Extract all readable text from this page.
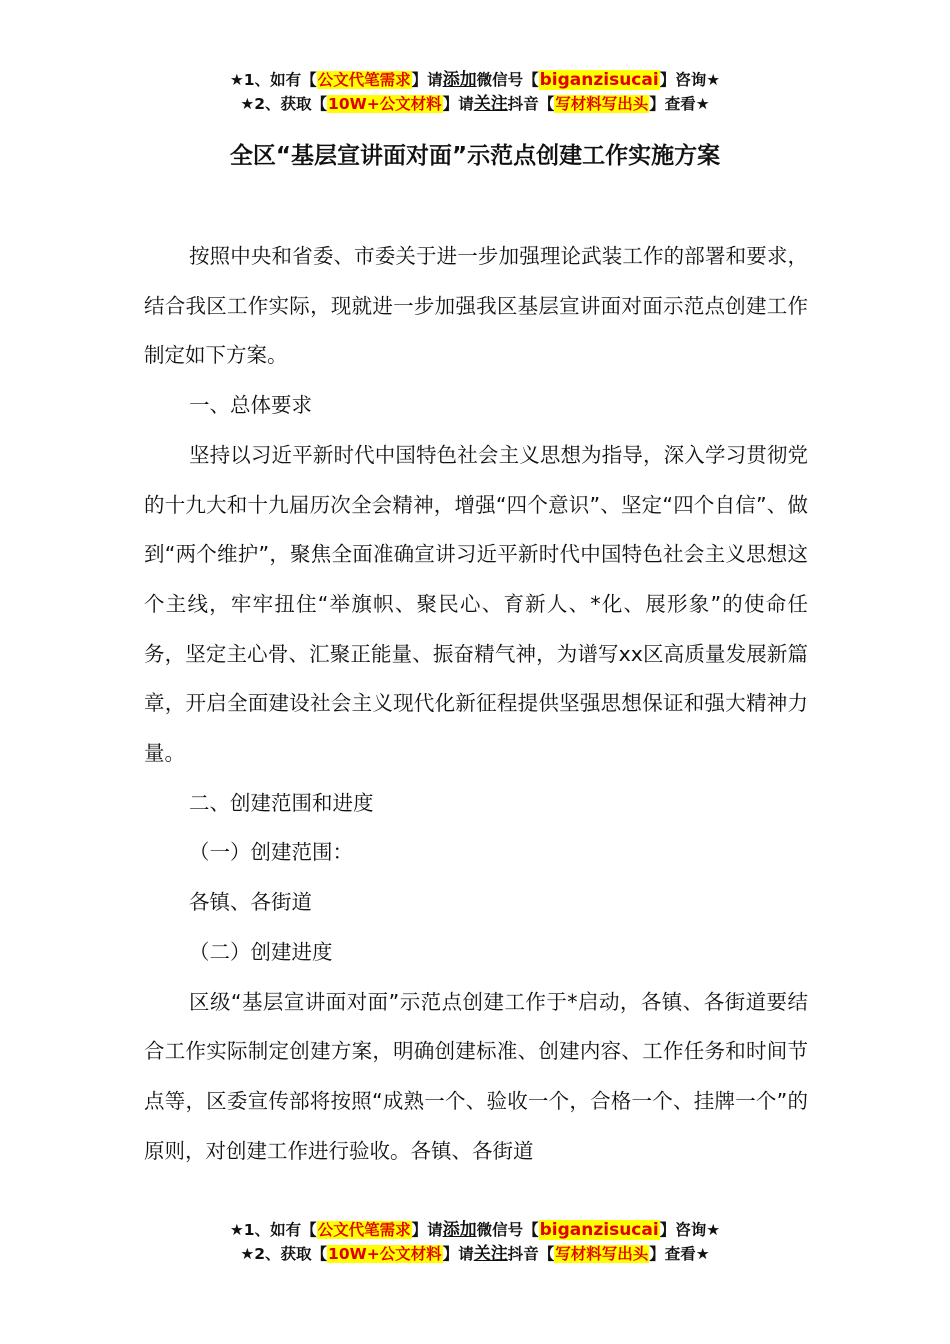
★1、如有【公文代笔需求】请添加微信号【biganzisucai】咨询★
★2、获取【10W+公文材料】请关注抖音【写材料写出头】查看★
全区“基层宣讲面对面”示范点创建工作实施方案

按照中央和省委、市委关于进一步加强理论武装工作的部署和要求，结合我区工作实际，现就进一步加强我区基层宣讲面对面示范点创建工作制定如下方案。

一、总体要求

坚持以习近平新时代中国特色社会主义思想为指导，深入学习贯彻党的十九大和十九届历次全会精神，增强“四个意识”、坚定“四个自信”、做到“两个维护”，聚焦全面准确宣讲习近平新时代中国特色社会主义思想这个主线，牢牢扭住“举旗帜、聚民心、育新人、*化、展形象”的使命任务，坚定主心骨、汇聚正能量、振奋精气神，为谱写xx区高质量发展新篇章，开启全面建设社会主义现代化新征程提供坚强思想保证和强大精神力量。

二、创建范围和进度

（一）创建范围：

各镇、各街道

（二）创建进度

区级“基层宣讲面对面”示范点创建工作于*启动，各镇、各街道要结合工作实际制定创建方案，明确创建标准、创建内容、工作任务和时间节点等，区委宣传部将按照“成熟一个、验收一个，合格一个、挂牌一个”的原则，对创建工作进行验收。各镇、各街道

★1、如有【公文代笔需求】请添加微信号【biganzisucai】咨询★
★2、获取【10W+公文材料】请关注抖音【写材料写出头】查看★
